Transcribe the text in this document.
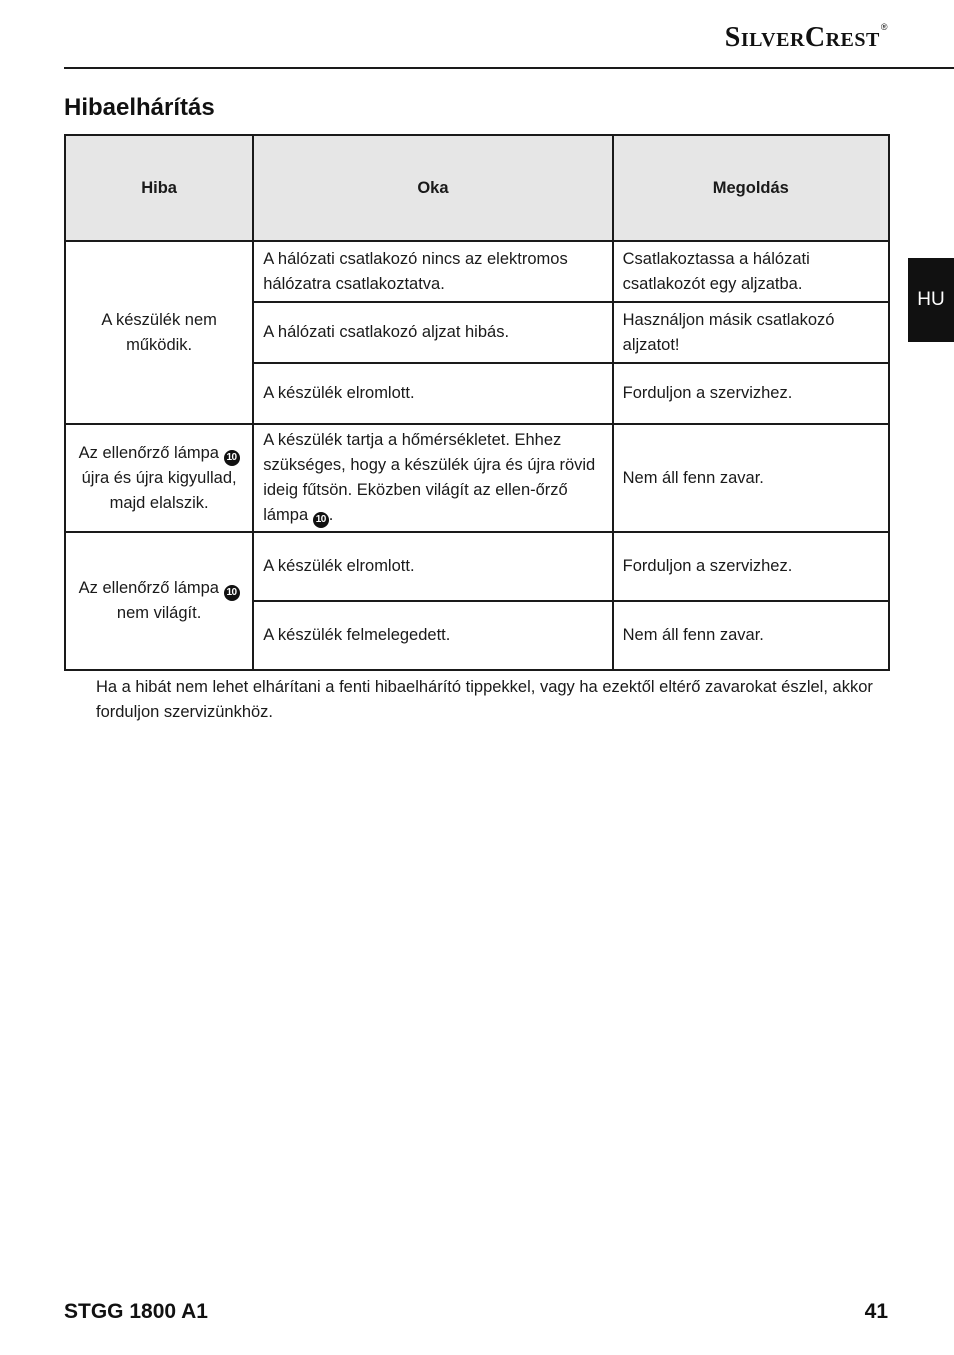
SilverCrest®
Hibaelhárítás
HU
Hiba	Oka	Megoldás
A készülék nem működik.	A hálózati csatlakozó nincs az elektromos hálózatra csatlakoztatva.	Csatlakoztassa a hálózati csatlakozót egy aljzatba.
	A hálózati csatlakozó aljzat hibás.	Használjon másik csatlakozó aljzatot!
	A készülék elromlott.	Forduljon a szervizhez.
Az ellenőrző lámpa 10 újra és újra kigyullad, majd elalszik.	A készülék tartja a hőmérsékletet. Ehhez szükséges, hogy a készülék újra és újra rövid ideig fűtsön. Eközben világít az ellen-őrző lámpa 10 .	Nem áll fenn zavar.
Az ellenőrző lámpa 10 nem világít.	A készülék elromlott.	Forduljon a szervizhez.
	A készülék felmelegedett.	Nem áll fenn zavar.

Ha a hibát nem lehet elhárítani a fenti hibaelhárító tippekkel, vagy ha ezektől eltérő zavarokat észlel, akkor forduljon szervizünkhöz.

STGG 1800 A1	41
